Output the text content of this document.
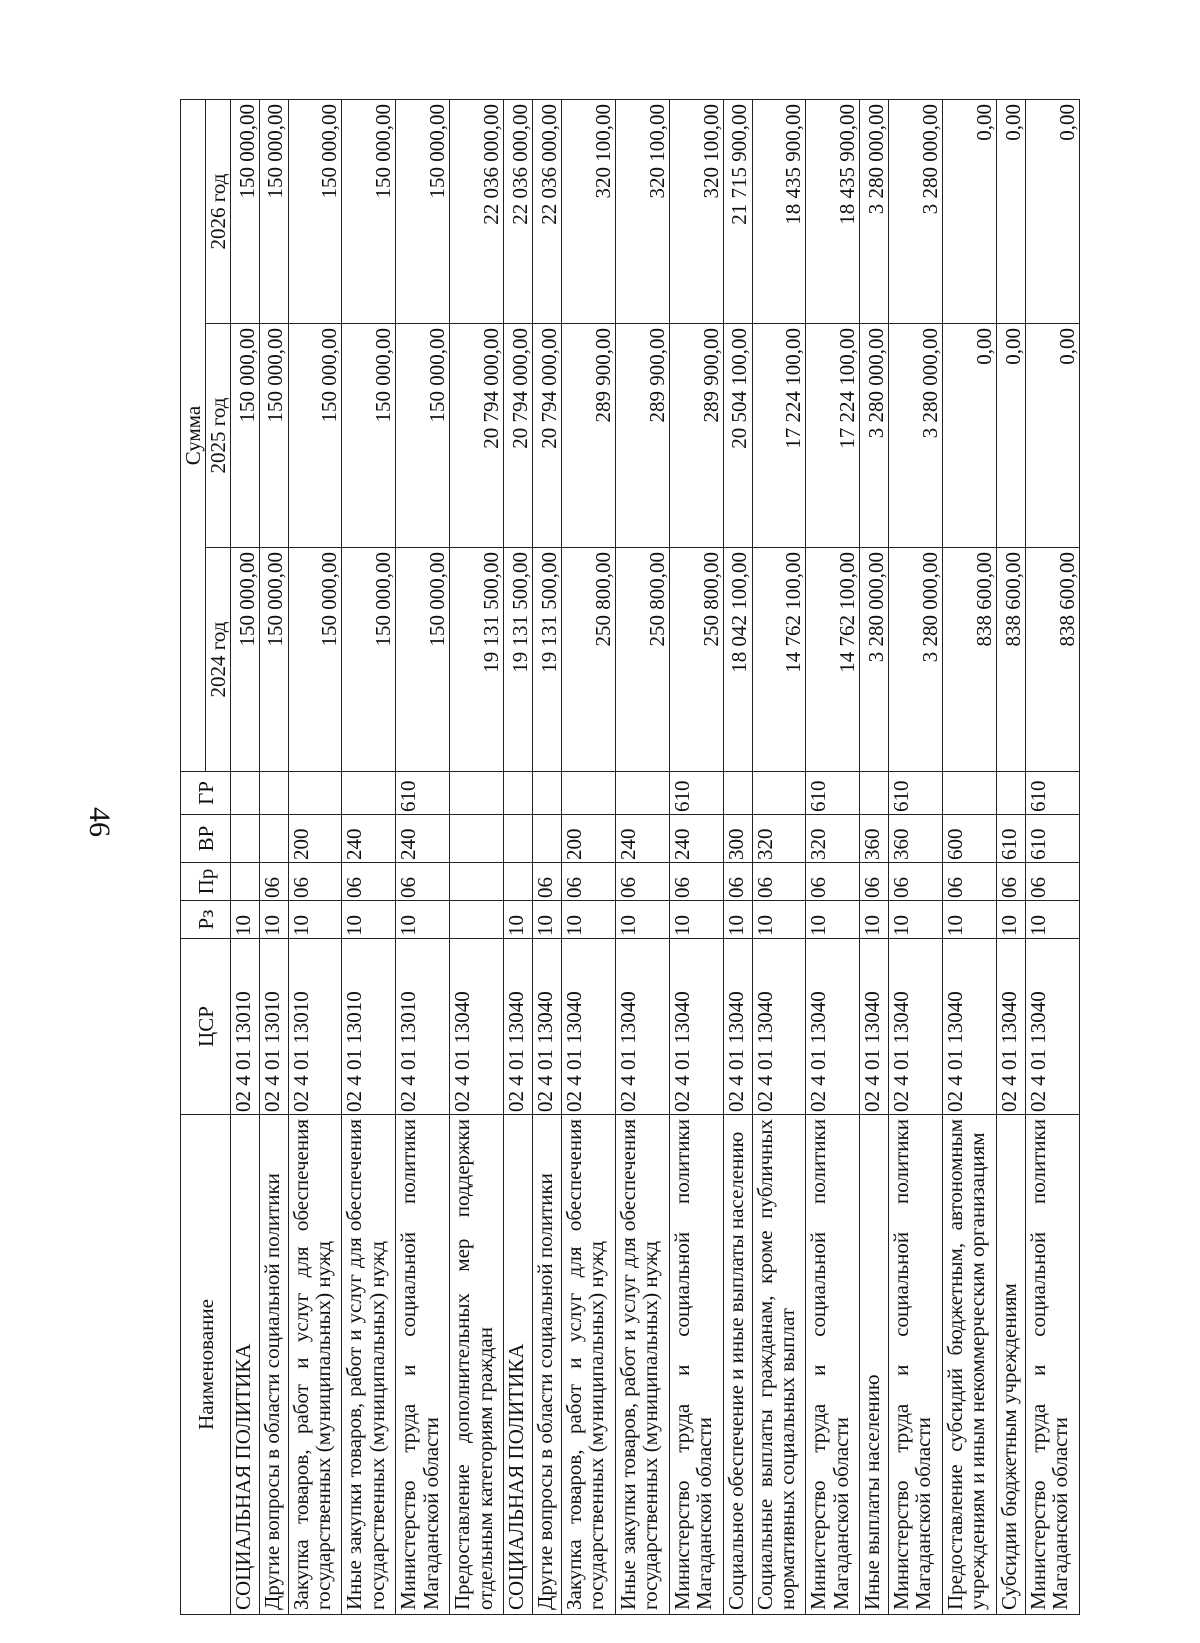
46
Наименование	ЦСР	Рз	Пр	ВР	ГР	Сумма		
						2024 год	2025 год	2026 год
СОЦИАЛЬНАЯ ПОЛИТИКА	02 4 01 13010	10				150 000,00	150 000,00	150 000,00
Другие вопросы в области социальной политики	02 4 01 13010	10	06			150 000,00	150 000,00	150 000,00
Закупка товаров, работ и услуг для обеспечения государственных (муниципальных) нужд	02 4 01 13010	10	06	200		150 000,00	150 000,00	150 000,00
Иные закупки товаров, работ и услуг для обеспечения государственных (муниципальных) нужд	02 4 01 13010	10	06	240		150 000,00	150 000,00	150 000,00
Министерство труда и социальной политики Магаданской области	02 4 01 13010	10	06	240	610	150 000,00	150 000,00	150 000,00
Предоставление дополнительных мер поддержки отдельным категориям граждан	02 4 01 13040					19 131 500,00	20 794 000,00	22 036 000,00
СОЦИАЛЬНАЯ ПОЛИТИКА	02 4 01 13040	10				19 131 500,00	20 794 000,00	22 036 000,00
Другие вопросы в области социальной политики	02 4 01 13040	10	06			19 131 500,00	20 794 000,00	22 036 000,00
Закупка товаров, работ и услуг для обеспечения государственных (муниципальных) нужд	02 4 01 13040	10	06	200		250 800,00	289 900,00	320 100,00
Иные закупки товаров, работ и услуг для обеспечения государственных (муниципальных) нужд	02 4 01 13040	10	06	240		250 800,00	289 900,00	320 100,00
Министерство труда и социальной политики Магаданской области	02 4 01 13040	10	06	240	610	250 800,00	289 900,00	320 100,00
Социальное обеспечение и иные выплаты населению	02 4 01 13040	10	06	300		18 042 100,00	20 504 100,00	21 715 900,00
Социальные выплаты гражданам, кроме публичных нормативных социальных выплат	02 4 01 13040	10	06	320		14 762 100,00	17 224 100,00	18 435 900,00
Министерство труда и социальной политики Магаданской области	02 4 01 13040	10	06	320	610	14 762 100,00	17 224 100,00	18 435 900,00
Иные выплаты населению	02 4 01 13040	10	06	360		3 280 000,00	3 280 000,00	3 280 000,00
Министерство труда и социальной политики Магаданской области	02 4 01 13040	10	06	360	610	3 280 000,00	3 280 000,00	3 280 000,00
Предоставление субсидий бюджетным, автономным учреждениям и иным некоммерческим организациям	02 4 01 13040	10	06	600		838 600,00	0,00	0,00
Субсидии бюджетным учреждениям	02 4 01 13040	10	06	610		838 600,00	0,00	0,00
Министерство труда и социальной политики Магаданской области	02 4 01 13040	10	06	610	610	838 600,00	0,00	0,00
